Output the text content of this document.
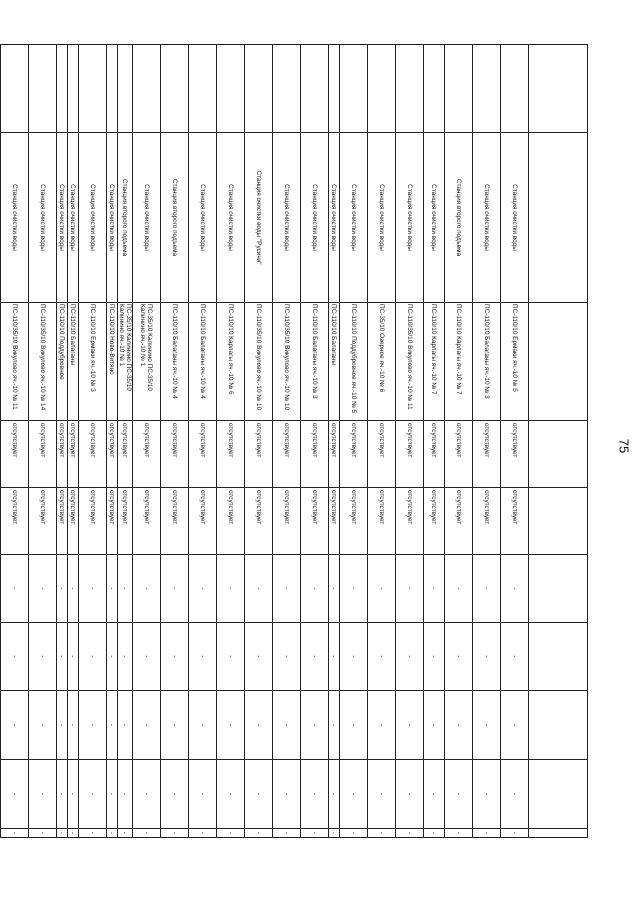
75

	Станция очистки воды	ПС-110/10 Ермаки яч.-10 № 5	отсутствует	отсутствует	-	-	-	-	-	
	Станция очистки воды	ПС-110/10 Балаганы яч.-10 № 3	отсутствует	отсутствует	-	-	-	-	-	
	Станция второго подъема	ПС-110/10 Карлагы яч.-10 № 7	отсутствует	отсутствует	-	-	-	-	-	
	Станция очистки воды	ПС-110/10 Карлагы яч.-10 № 7	отсутствует	отсутствует	-	-	-	-	-	
	Станция очистки воды	ПС-110/35/10 Викулово яч.-10 № 11	отсутствует	отсутствует	-	-	-	-	-	
	Станция очистки воды	ПС-35/10 Озерное яч.-10 № 6	отсутствует	отсутствует	-	-	-	-	-	
	Станция очистки воды	ПС-110/10 Поддубровное яч.-10 № 5	отсутствует	отсутствует	-	-	-	-	-	
	Станция очистки воды	ПС-110/10 Балаганы	отсутствует	отсутствует	-	-	-	-	-	
	Станция очистки воды	ПС-110/10 Балаганы яч.-10 № 3	отсутствует	отсутствует	-	-	-	-	-	
	Станция очистки воды	ПС-110/35/10 Викулово яч.-10 № 10	отсутствует	отсутствует	-	-	-	-	-	
	Станция очистки воды "Русичи"	ПС-110/35/10 Викулово яч.-10 № 10	отсутствует	отсутствует	-	-	-	-	-	
	Станция очистки воды	ПС-110/10 Карлагы яч.-10 № 6	отсутствует	отсутствует	-	-	-	-	-	
	Станция очистки воды	ПС-110/10 Балаганы яч.-10 № 4	отсутствует	отсутствует	-	-	-	-	-	
	Станция второго подъема	ПС-110/10 Балаганы яч.-10 № 4	отсутствует	отсутствует	-	-	-	-	-	
	Станция очистки воды	ПС-35/10 Калинино ПС-35/10 Калинино яч.-10 № 1	отсутствует	отсутствует	-	-	-	-	-	
	Станция второго подъема	ПС-35/10 Калинино ПС-35/10 Калинино яч.-10 № 1	отсутствует	отсутствует	-	-	-	-	-	
	Станция очистки воды	ПС-110/10 Ново-Витяно	отсутствует	отсутствует	-	-	-	-	-	
	Станция очистки воды	ПС-110/10 Ермаки яч.-10 № 3	отсутствует	отсутствует	-	-	-	-	-	
	Станция очистки воды	ПС-110/10 Балаганы	отсутствует	отсутствует	-	-	-	-	-	
	Станция очистки воды	ПС-110/10 Поддубровное	отсутствует	отсутствует	-	-	-	-	-	
	Станция очистки воды	ПС-110/35/10 Викулово яч.-10 № 14	отсутствует	отсутствует	-	-	-	-	-	
	Станция очистки воды	ПС-110/35/10 Викулово яч.-10 № 11	отсутствует	отсутствует	-	-	-	-	-	
